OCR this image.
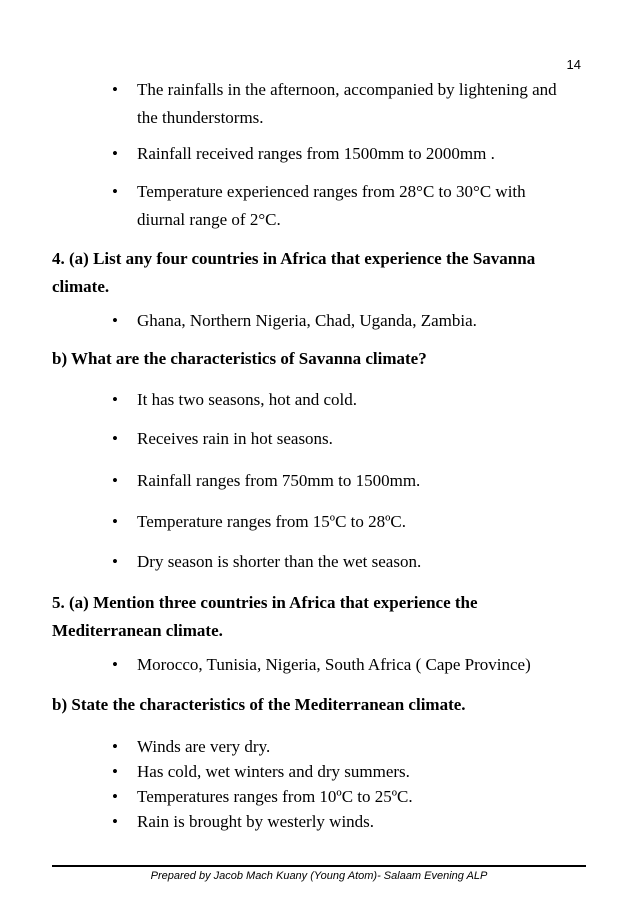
14
• The rainfalls in the afternoon, accompanied by lightening and the thunderstorms.
• Rainfall received ranges from 1500mm to 2000mm .
• Temperature experienced ranges from 28°C to 30°C with diurnal range of 2°C.
4. (a) List any four countries in Africa that experience the Savanna climate.
• Ghana, Northern Nigeria, Chad, Uganda, Zambia.
b) What are the characteristics of Savanna climate?
• It has two seasons, hot and cold.
• Receives rain in hot seasons.
• Rainfall ranges from 750mm to 1500mm.
• Temperature ranges from 15ºC to 28ºC.
• Dry season is shorter than the wet season.
5. (a) Mention three countries in Africa that experience the Mediterranean climate.
• Morocco, Tunisia, Nigeria, South Africa ( Cape Province)
b) State the characteristics of the Mediterranean climate.
• Winds are very dry.
• Has cold, wet winters and dry summers.
• Temperatures ranges from 10ºC to 25ºC.
• Rain is brought by westerly winds.
Prepared by Jacob Mach Kuany (Young Atom)- Salaam Evening ALP
